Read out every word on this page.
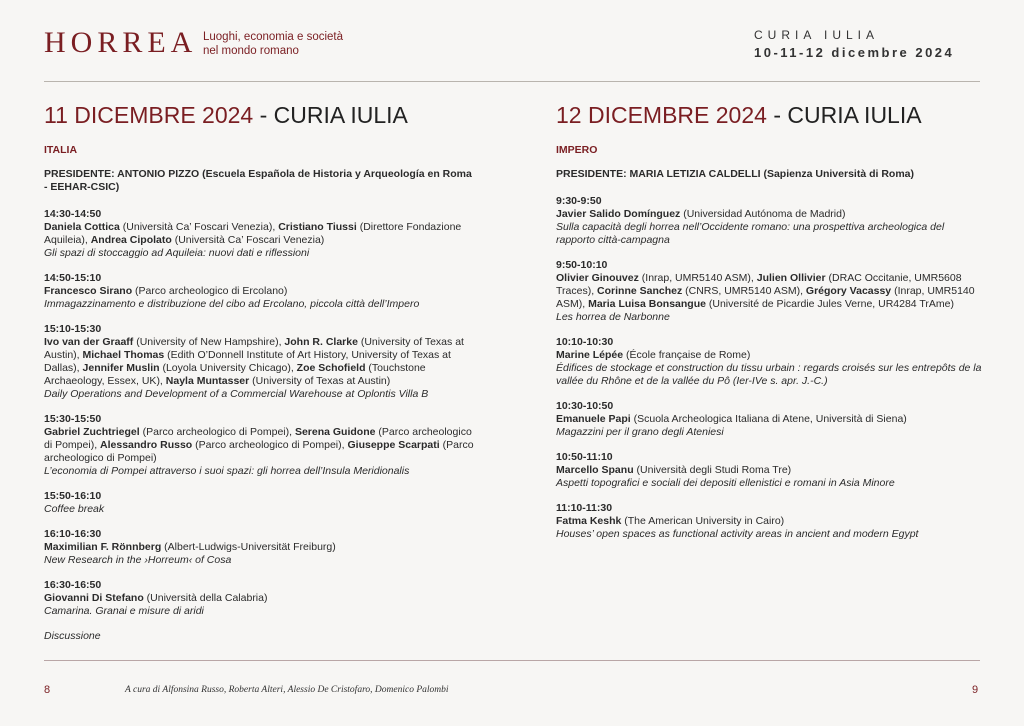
HORREA Luoghi, economia e società
nel mondo romano
CURIA IULIA
10-11-12 dicembre 2024
11 DICEMBRE 2024 - CURIA IULIA
ITALIA
PRESIDENTE: ANTONIO PIZZO (Escuela Española de Historia y Arqueología en Roma - EEHAR-CSIC)
14:30-14:50
Daniela Cottica (Università Ca’ Foscari Venezia), Cristiano Tiussi (Direttore Fondazione Aquileia), Andrea Cipolato (Università Ca’ Foscari Venezia)
Gli spazi di stoccaggio ad Aquileia: nuovi dati e riflessioni
14:50-15:10
Francesco Sirano (Parco archeologico di Ercolano)
Immagazzinamento e distribuzione del cibo ad Ercolano, piccola città dell’Impero
15:10-15:30
Ivo van der Graaff (University of New Hampshire), John R. Clarke (University of Texas at Austin), Michael Thomas (Edith O’Donnell Institute of Art History, University of Texas at Dallas), Jennifer Muslin (Loyola University Chicago), Zoe Schofield (Touchstone Archaeology, Essex, UK), Nayla Muntasser (University of Texas at Austin)
Daily Operations and Development of a Commercial Warehouse at Oplontis Villa B
15:30-15:50
Gabriel Zuchtriegel (Parco archeologico di Pompei), Serena Guidone (Parco archeologico di Pompei), Alessandro Russo (Parco archeologico di Pompei), Giuseppe Scarpati (Parco archeologico di Pompei)
L’economia di Pompei attraverso i suoi spazi: gli horrea dell’Insula Meridionalis
15:50-16:10
Coffee break
16:10-16:30
Maximilian F. Rönnberg (Albert-Ludwigs-Universität Freiburg)
New Research in the ›Horreum‹ of Cosa
16:30-16:50
Giovanni Di Stefano (Università della Calabria)
Camarina. Granai e misure di aridi
Discussione
12 DICEMBRE 2024 - CURIA IULIA
IMPERO
PRESIDENTE: MARIA LETIZIA CALDELLI (Sapienza Università di Roma)
9:30-9:50
Javier Salido Domínguez (Universidad Autónoma de Madrid)
Sulla capacità degli horrea nell’Occidente romano: una prospettiva archeologica del rapporto città-campagna
9:50-10:10
Olivier Ginouvez (Inrap, UMR5140 ASM), Julien Ollivier (DRAC Occitanie, UMR5608 Traces), Corinne Sanchez (CNRS, UMR5140 ASM), Grégory Vacassy (Inrap, UMR5140 ASM), Maria Luisa Bonsangue (Université de Picardie Jules Verne, UR4284 TrAme)
Les horrea de Narbonne
10:10-10:30
Marine Lépée (École française de Rome)
Édifices de stockage et construction du tissu urbain : regards croisés sur les entrepôts de la vallée du Rhône et de la vallée du Pô (Ier-IVe s. apr. J.-C.)
10:30-10:50
Emanuele Papi (Scuola Archeologica Italiana di Atene, Università di Siena)
Magazzini per il grano degli Ateniesi
10:50-11:10
Marcello Spanu (Università degli Studi Roma Tre)
Aspetti topografici e sociali dei depositi ellenistici e romani in Asia Minore
11:10-11:30
Fatma Keshk (The American University in Cairo)
Houses’ open spaces as functional activity areas in ancient and modern Egypt
8	A cura di Alfonsina Russo, Roberta Alteri, Alessio De Cristofaro, Domenico Palombi	9
